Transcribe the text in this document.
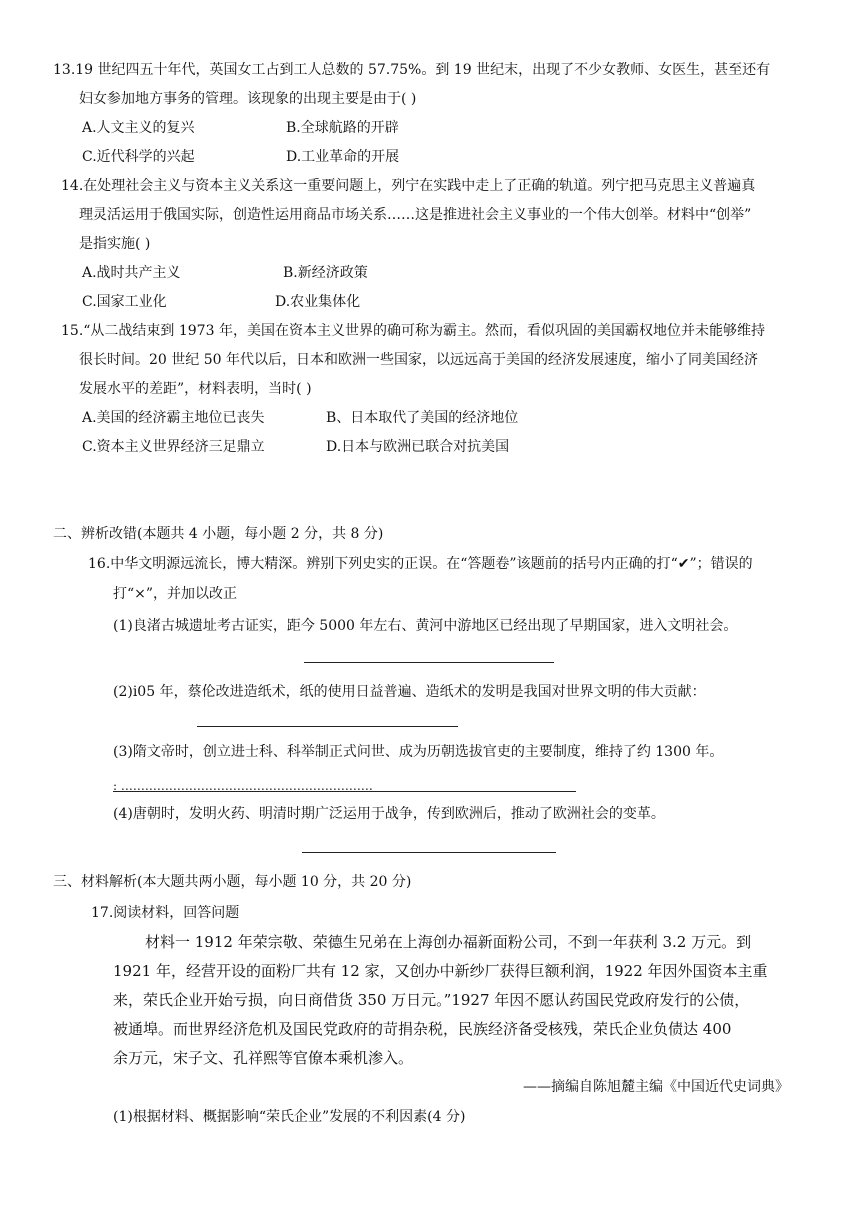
13.19 世纪四五十年代，英国女工占到工人总数的 57.75%。到 19 世纪末，出现了不少女教师、女医生，甚至还有
妇女参加地方事务的管理。该现象的出现主要是由于( )
A.人文主义的复兴	B.全球航路的开辟
C.近代科学的兴起	D.工业革命的开展
14.在处理社会主义与资本主义关系这一重要问题上，列宁在实践中走上了正确的轨道。列宁把马克思主义普遍真
理灵活运用于俄国实际，创造性运用商品市场关系……这是推进社会主义事业的一个伟大创举。材料中“创举”
是指实施( )
A.战时共产主义	B.新经济政策
C.国家工业化	D.农业集体化
15.“从二战结束到 1973 年，美国在资本主义世界的确可称为霸主。然而，看似巩固的美国霸权地位并未能够维持
很长时间。20 世纪 50 年代以后，日本和欧洲一些国家，以远远高于美国的经济发展速度，缩小了同美国经济
发展水平的差距”，材料表明，当时( )
A.美国的经济霸主地位已丧失	B、日本取代了美国的经济地位
C.资本主义世界经济三足鼎立	D.日本与欧洲已联合对抗美国
二、辨析改错(本题共 4 小题，每小题 2 分，共 8 分)
16.中华文明源远流长，博大精深。辨别下列史实的正误。在“答题卷”该题前的括号内正确的打“✔”；错误的
打“×”，并加以改正
(1)良渚古城遗址考古证实，距今 5000 年左右、黄河中游地区已经出现了早期国家，进入文明社会。
(2)i05 年，蔡伦改进造纸术，纸的使用日益普遍、造纸术的发明是我国对世界文明的伟大贡献：
(3)隋文帝时，创立进士科、科举制正式问世、成为历朝选拔官吏的主要制度，维持了约 1300 年。
: ………………………………………………………
(4)唐朝时，发明火药、明清时期广泛运用于战争，传到欧洲后，推动了欧洲社会的变革。
三、材料解析(本大题共两小题，每小题 10 分，共 20 分)
17.阅读材料，回答问题
材料一 1912 年荣宗敬、荣德生兄弟在上海创办福新面粉公司，不到一年获利 3.2 万元。到
1921 年，经营开设的面粉厂共有 12 家，又创办中新纱厂获得巨额利润，1922 年因外国资本主重
来，荣氏企业开始亏损，向日商借货 350 万日元。”1927 年因不愿认药国民党政府发行的公债，
被通埠。而世界经济危机及国民党政府的苛捐杂税，民族经济备受核残，荣氏企业负债达 400
余万元，宋子文、孔祥熙等官僚本乘机渗入。
——摘编自陈旭麓主编《中国近代史词典》
(1)根据材料、概据影响“荣氏企业”发展的不利因素(4 分)
